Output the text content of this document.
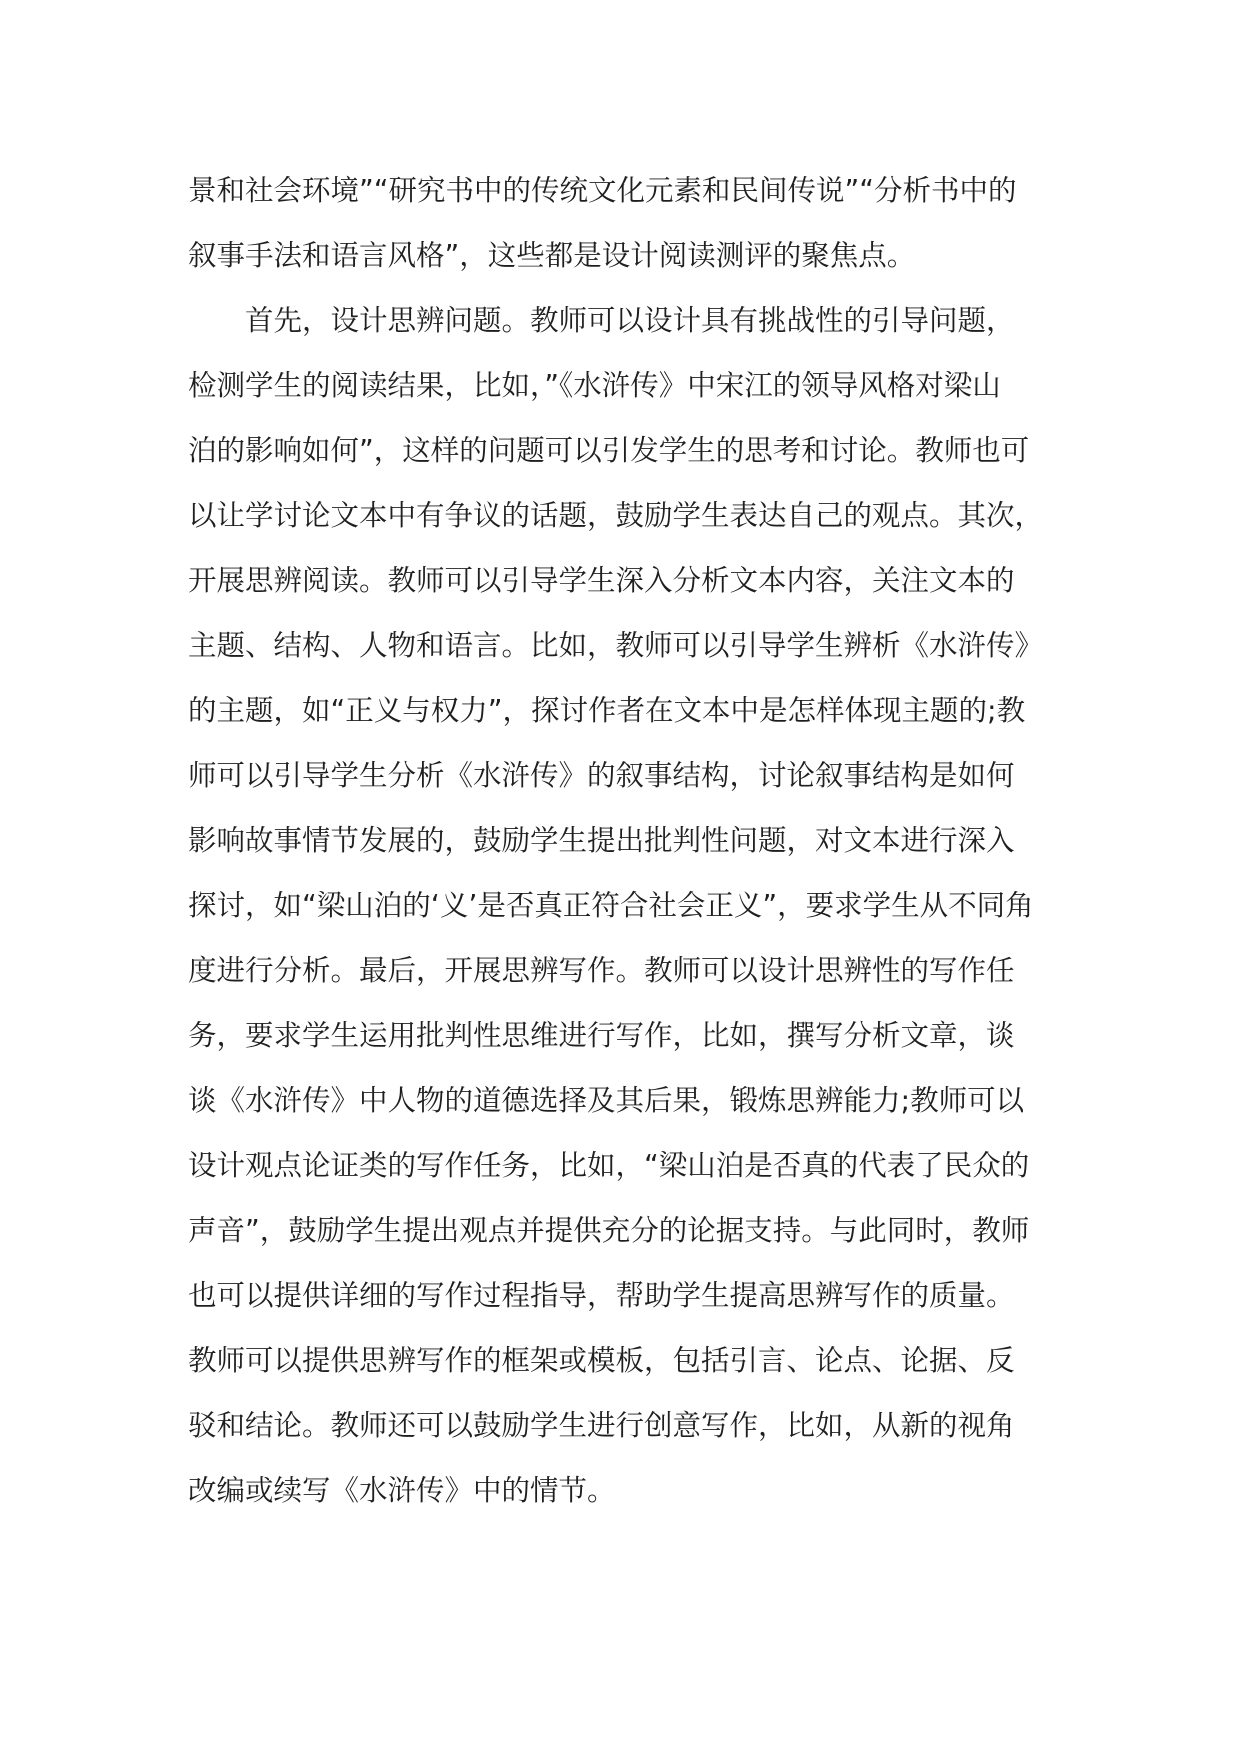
景和社会环境”“研究书中的传统文化元素和民间传说”“分析书中的
叙事手法和语言风格”，这些都是设计阅读测评的聚焦点。
　　首先，设计思辨问题。教师可以设计具有挑战性的引导问题，
检测学生的阅读结果，比如，”《水浒传》中宋江的领导风格对梁山
泊的影响如何”，这样的问题可以引发学生的思考和讨论。教师也可
以让学讨论文本中有争议的话题，鼓励学生表达自己的观点。其次，
开展思辨阅读。教师可以引导学生深入分析文本内容，关注文本的
主题、结构、人物和语言。比如，教师可以引导学生辨析《水浒传》
的主题，如“正义与权力”，探讨作者在文本中是怎样体现主题的;教
师可以引导学生分析《水浒传》的叙事结构，讨论叙事结构是如何
影响故事情节发展的，鼓励学生提出批判性问题，对文本进行深入
探讨，如“梁山泊的‘义’是否真正符合社会正义”，要求学生从不同角
度进行分析。最后，开展思辨写作。教师可以设计思辨性的写作任
务，要求学生运用批判性思维进行写作，比如，撰写分析文章，谈
谈《水浒传》中人物的道德选择及其后果，锻炼思辨能力;教师可以
设计观点论证类的写作任务，比如，“梁山泊是否真的代表了民众的
声音”，鼓励学生提出观点并提供充分的论据支持。与此同时，教师
也可以提供详细的写作过程指导，帮助学生提高思辨写作的质量。
教师可以提供思辨写作的框架或模板，包括引言、论点、论据、反
驳和结论。教师还可以鼓励学生进行创意写作，比如，从新的视角
改编或续写《水浒传》中的情节。
